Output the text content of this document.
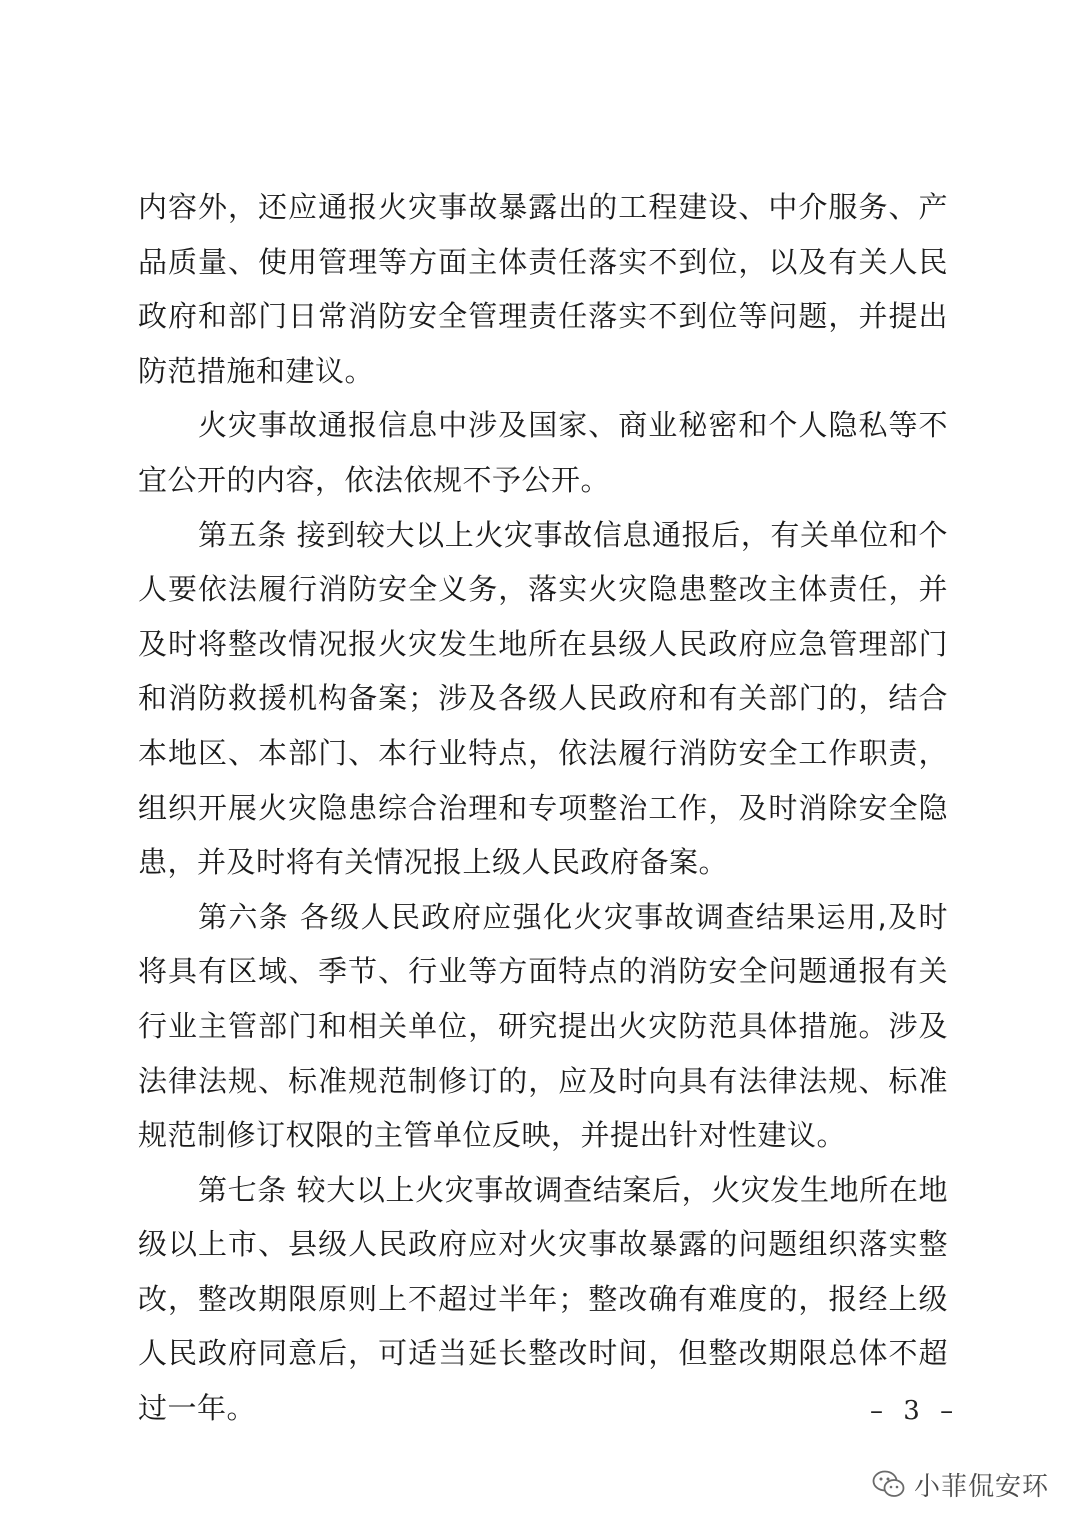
内容外，还应通报火灾事故暴露出的工程建设、中介服务、产品质量、使用管理等方面主体责任落实不到位，以及有关人民政府和部门日常消防安全管理责任落实不到位等问题，并提出防范措施和建议。

火灾事故通报信息中涉及国家、商业秘密和个人隐私等不宜公开的内容，依法依规不予公开。

第五条 接到较大以上火灾事故信息通报后，有关单位和个人要依法履行消防安全义务，落实火灾隐患整改主体责任，并及时将整改情况报火灾发生地所在县级人民政府应急管理部门和消防救援机构备案；涉及各级人民政府和有关部门的，结合本地区、本部门、本行业特点，依法履行消防安全工作职责，组织开展火灾隐患综合治理和专项整治工作，及时消除安全隐患，并及时将有关情况报上级人民政府备案。

第六条 各级人民政府应强化火灾事故调查结果运用,及时将具有区域、季节、行业等方面特点的消防安全问题通报有关行业主管部门和相关单位，研究提出火灾防范具体措施。涉及法律法规、标准规范制修订的，应及时向具有法律法规、标准规范制修订权限的主管单位反映，并提出针对性建议。

第七条 较大以上火灾事故调查结案后，火灾发生地所在地级以上市、县级人民政府应对火灾事故暴露的问题组织落实整改，整改期限原则上不超过半年；整改确有难度的，报经上级人民政府同意后，可适当延长整改时间，但整改期限总体不超过一年。	– 3 –
小菲侃安环
